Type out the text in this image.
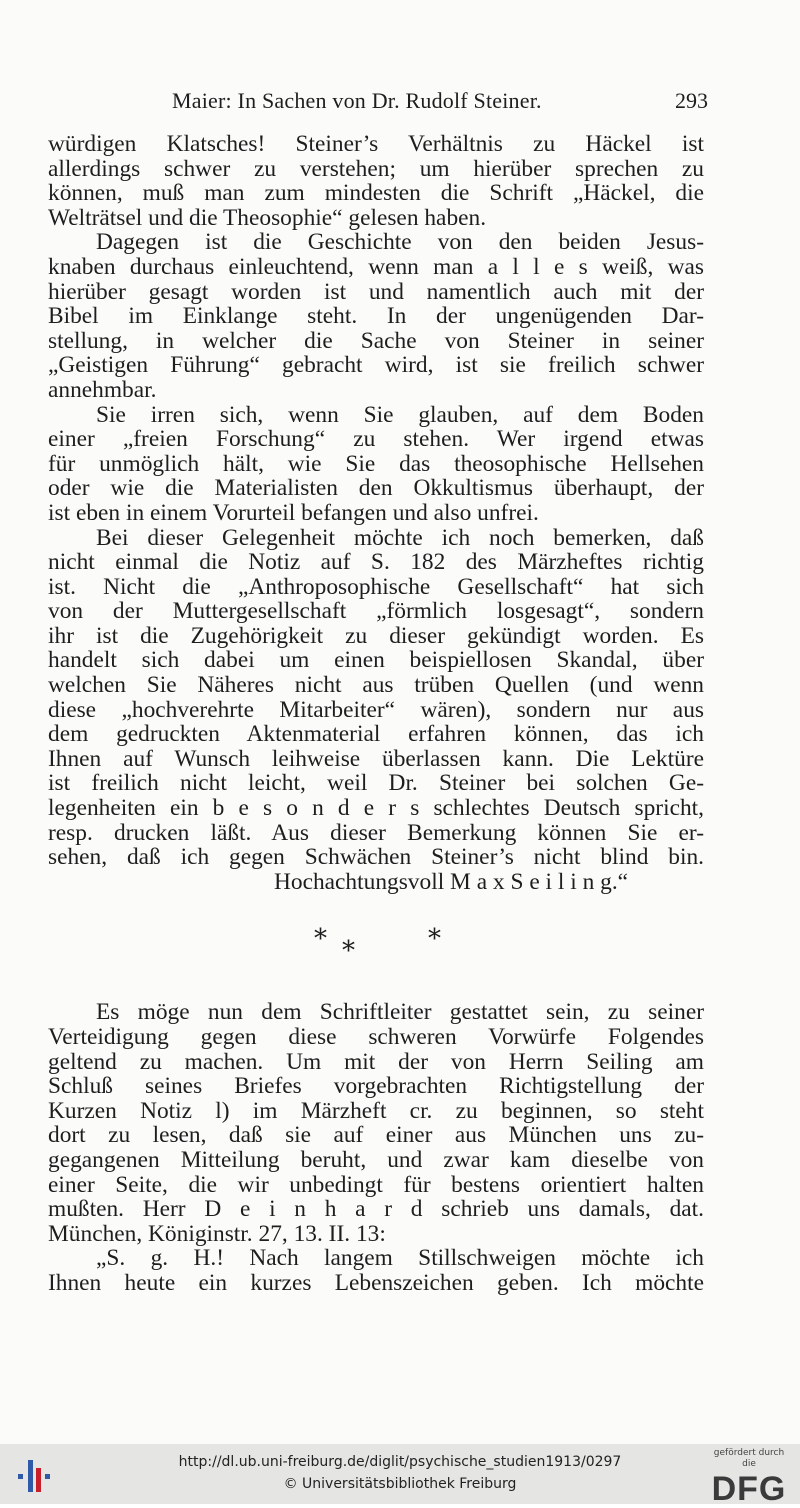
Maier: In Sachen von Dr. Rudolf Steiner.	293
würdigen Klatsches! Steiner’s Verhältnis zu Häckel ist
allerdings schwer zu verstehen; um hierüber sprechen zu
können, muß man zum mindesten die Schrift „Häckel, die
Welträtsel und die Theosophie“ gelesen haben.
Dagegen ist die Geschichte von den beiden Jesus-
knaben durchaus einleuchtend, wenn man a l l e s weiß, was
hierüber gesagt worden ist und namentlich auch mit der
Bibel im Einklange steht. In der ungenügenden Dar-
stellung, in welcher die Sache von Steiner in seiner
„Geistigen Führung“ gebracht wird, ist sie freilich schwer
annehmbar.
Sie irren sich, wenn Sie glauben, auf dem Boden
einer „freien Forschung“ zu stehen. Wer irgend etwas
für unmöglich hält, wie Sie das theosophische Hellsehen
oder wie die Materialisten den Okkultismus überhaupt, der
ist eben in einem Vorurteil befangen und also unfrei.
Bei dieser Gelegenheit möchte ich noch bemerken, daß
nicht einmal die Notiz auf S. 182 des Märzheftes richtig
ist. Nicht die „Anthroposophische Gesellschaft“ hat sich
von der Muttergesellschaft „förmlich losgesagt“, sondern
ihr ist die Zugehörigkeit zu dieser gekündigt worden. Es
handelt sich dabei um einen beispiellosen Skandal, über
welchen Sie Näheres nicht aus trüben Quellen (und wenn
diese „hochverehrte Mitarbeiter“ wären), sondern nur aus
dem gedruckten Aktenmaterial erfahren können, das ich
Ihnen auf Wunsch leihweise überlassen kann. Die Lektüre
ist freilich nicht leicht, weil Dr. Steiner bei solchen Ge-
legenheiten ein b e s o n d e r s schlechtes Deutsch spricht,
resp. drucken läßt. Aus dieser Bemerkung können Sie er-
sehen, daß ich gegen Schwächen Steiner’s nicht blind bin.
Hochachtungsvoll M a x S e i l i n g.“
* *	*
Es möge nun dem Schriftleiter gestattet sein, zu seiner
Verteidigung gegen diese schweren Vorwürfe Folgendes
geltend zu machen. Um mit der von Herrn Seiling am
Schluß seines Briefes vorgebrachten Richtigstellung der
Kurzen Notiz l) im Märzheft cr. zu beginnen, so steht
dort zu lesen, daß sie auf einer aus München uns zu-
gegangenen Mitteilung beruht, und zwar kam dieselbe von
einer Seite, die wir unbedingt für bestens orientiert halten
mußten. Herr D e i n h a r d schrieb uns damals, dat.
München, Königinstr. 27, 13. II. 13:
„S. g. H.! Nach langem Stillschweigen möchte ich
Ihnen heute ein kurzes Lebenszeichen geben. Ich möchte
http://dl.ub.uni-freiburg.de/diglit/psychische_studien1913/0297
© Universitätsbibliothek Freiburg
gefördert durch die
DFG
